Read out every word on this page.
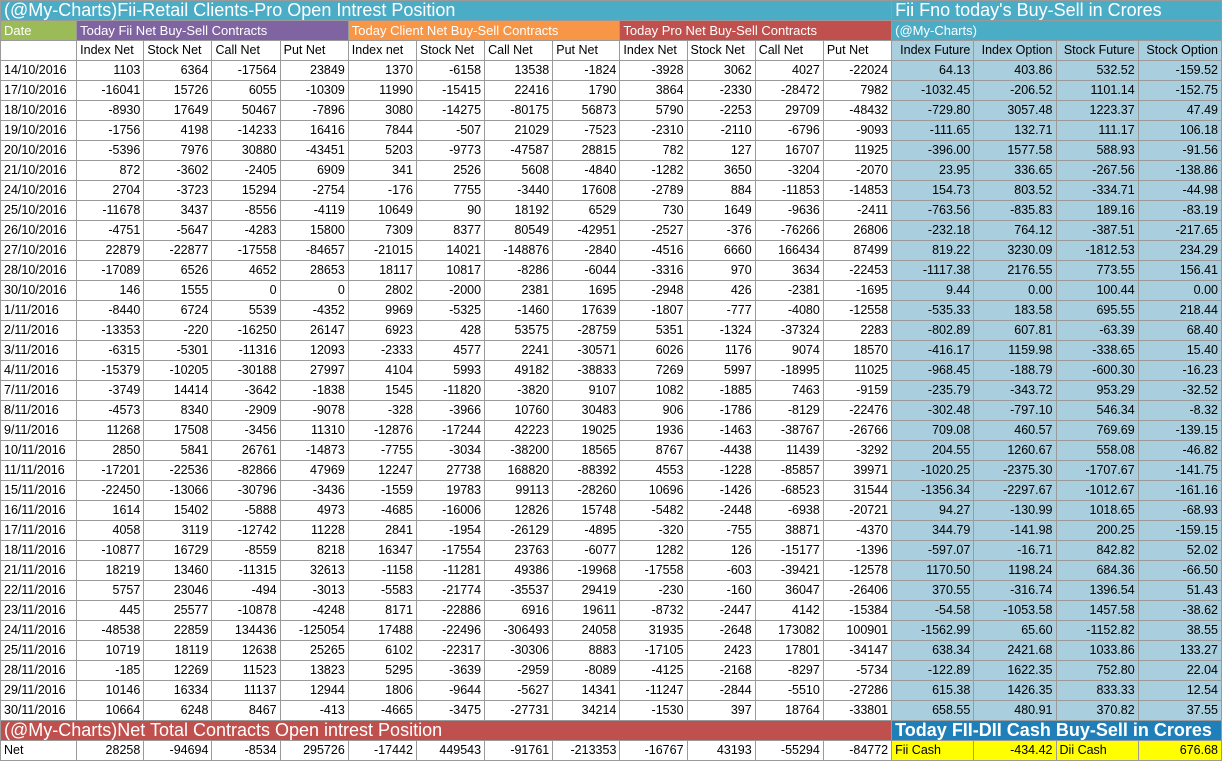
(@My-Charts)Fii-Retail Clients-Pro Open Intrest Position													Fii Fno today's Buy-Sell in Crores			
Date	Today Fii Net Buy-Sell Contracts				Today Client Net Buy-Sell Contracts				Today Pro Net Buy-Sell Contracts				(@My-Charts)			
	Index Net	Stock Net	Call Net	Put Net	Index net	Stock Net	Call Net	Put Net	Index Net	Stock Net	Call Net	Put Net	Index Future	Index Option	Stock Future	Stock Option
14/10/2016	1103	6364	-17564	23849	1370	-6158	13538	-1824	-3928	3062	4027	-22024	64.13	403.86	532.52	-159.52
17/10/2016	-16041	15726	6055	-10309	11990	-15415	22416	1790	3864	-2330	-28472	7982	-1032.45	-206.52	1101.14	-152.75
18/10/2016	-8930	17649	50467	-7896	3080	-14275	-80175	56873	5790	-2253	29709	-48432	-729.80	3057.48	1223.37	47.49
19/10/2016	-1756	4198	-14233	16416	7844	-507	21029	-7523	-2310	-2110	-6796	-9093	-111.65	132.71	111.17	106.18
20/10/2016	-5396	7976	30880	-43451	5203	-9773	-47587	28815	782	127	16707	11925	-396.00	1577.58	588.93	-91.56
21/10/2016	872	-3602	-2405	6909	341	2526	5608	-4840	-1282	3650	-3204	-2070	23.95	336.65	-267.56	-138.86
24/10/2016	2704	-3723	15294	-2754	-176	7755	-3440	17608	-2789	884	-11853	-14853	154.73	803.52	-334.71	-44.98
25/10/2016	-11678	3437	-8556	-4119	10649	90	18192	6529	730	1649	-9636	-2411	-763.56	-835.83	189.16	-83.19
26/10/2016	-4751	-5647	-4283	15800	7309	8377	80549	-42951	-2527	-376	-76266	26806	-232.18	764.12	-387.51	-217.65
27/10/2016	22879	-22877	-17558	-84657	-21015	14021	-148876	-2840	-4516	6660	166434	87499	819.22	3230.09	-1812.53	234.29
28/10/2016	-17089	6526	4652	28653	18117	10817	-8286	-6044	-3316	970	3634	-22453	-1117.38	2176.55	773.55	156.41
30/10/2016	146	1555	0	0	2802	-2000	2381	1695	-2948	426	-2381	-1695	9.44	0.00	100.44	0.00
1/11/2016	-8440	6724	5539	-4352	9969	-5325	-1460	17639	-1807	-777	-4080	-12558	-535.33	183.58	695.55	218.44
2/11/2016	-13353	-220	-16250	26147	6923	428	53575	-28759	5351	-1324	-37324	2283	-802.89	607.81	-63.39	68.40
3/11/2016	-6315	-5301	-11316	12093	-2333	4577	2241	-30571	6026	1176	9074	18570	-416.17	1159.98	-338.65	15.40
4/11/2016	-15379	-10205	-30188	27997	4104	5993	49182	-38833	7269	5997	-18995	11025	-968.45	-188.79	-600.30	-16.23
7/11/2016	-3749	14414	-3642	-1838	1545	-11820	-3820	9107	1082	-1885	7463	-9159	-235.79	-343.72	953.29	-32.52
8/11/2016	-4573	8340	-2909	-9078	-328	-3966	10760	30483	906	-1786	-8129	-22476	-302.48	-797.10	546.34	-8.32
9/11/2016	11268	17508	-3456	11310	-12876	-17244	42223	19025	1936	-1463	-38767	-26766	709.08	460.57	769.69	-139.15
10/11/2016	2850	5841	26761	-14873	-7755	-3034	-38200	18565	8767	-4438	11439	-3292	204.55	1260.67	558.08	-46.82
11/11/2016	-17201	-22536	-82866	47969	12247	27738	168820	-88392	4553	-1228	-85857	39971	-1020.25	-2375.30	-1707.67	-141.75
15/11/2016	-22450	-13066	-30796	-3436	-1559	19783	99113	-28260	10696	-1426	-68523	31544	-1356.34	-2297.67	-1012.67	-161.16
16/11/2016	1614	15402	-5888	4973	-4685	-16006	12826	15748	-5482	-2448	-6938	-20721	94.27	-130.99	1018.65	-68.93
17/11/2016	4058	3119	-12742	11228	2841	-1954	-26129	-4895	-320	-755	38871	-4370	344.79	-141.98	200.25	-159.15
18/11/2016	-10877	16729	-8559	8218	16347	-17554	23763	-6077	1282	126	-15177	-1396	-597.07	-16.71	842.82	52.02
21/11/2016	18219	13460	-11315	32613	-1158	-11281	49386	-19968	-17558	-603	-39421	-12578	1170.50	1198.24	684.36	-66.50
22/11/2016	5757	23046	-494	-3013	-5583	-21774	-35537	29419	-230	-160	36047	-26406	370.55	-316.74	1396.54	51.43
23/11/2016	445	25577	-10878	-4248	8171	-22886	6916	19611	-8732	-2447	4142	-15384	-54.58	-1053.58	1457.58	-38.62
24/11/2016	-48538	22859	134436	-125054	17488	-22496	-306493	24058	31935	-2648	173082	100901	-1562.99	65.60	-1152.82	38.55
25/11/2016	10719	18119	12638	25265	6102	-22317	-30306	8883	-17105	2423	17801	-34147	638.34	2421.68	1033.86	133.27
28/11/2016	-185	12269	11523	13823	5295	-3639	-2959	-8089	-4125	-2168	-8297	-5734	-122.89	1622.35	752.80	22.04
29/11/2016	10146	16334	11137	12944	1806	-9644	-5627	14341	-11247	-2844	-5510	-27286	615.38	1426.35	833.33	12.54
30/11/2016	10664	6248	8467	-413	-4665	-3475	-27731	34214	-1530	397	18764	-33801	658.55	480.91	370.82	37.55
(@My-Charts)Net Total Contracts Open intrest Position													Today FII-DII Cash Buy-Sell in Crores			
Net	28258	-94694	-8534	295726	-17442	449543	-91761	-213353	-16767	43193	-55294	-84772	Fii Cash	-434.42	Dii Cash	676.68
